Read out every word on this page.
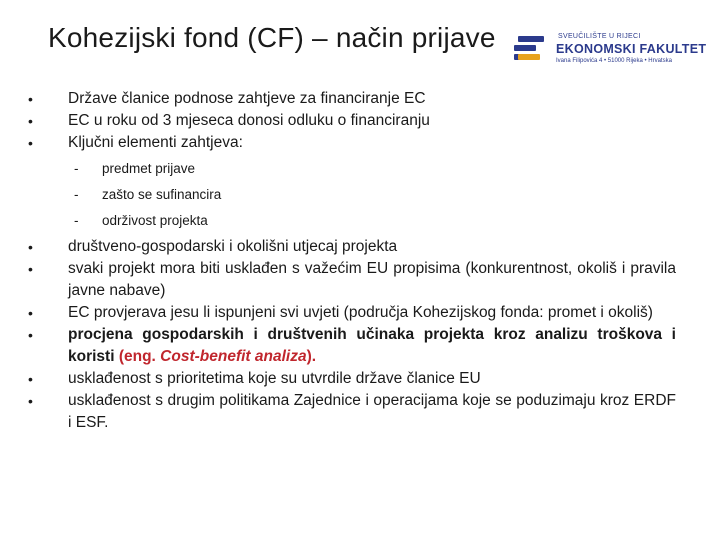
Kohezijski fond (CF) – način prijave	SVEUČILIŠTE U RIJECI
EKONOMSKI FAKULTET
Ivana Filipovića 4 • 51000 Rijeka • Hrvatska
•	Države članice podnose zahtjeve za financiranje EC
•	EC u roku od 3 mjeseca donosi odluku o financiranju
•	Ključni elementi zahtjeva:
- predmet prijave
- zašto se sufinancira
- održivost projekta
•	društveno-gospodarski i okolišni utjecaj projekta
•	svaki projekt mora biti usklađen s važećim EU propisima (konkurentnost, okoliš i pravila javne nabave)
•	EC provjerava jesu li ispunjeni svi uvjeti (područja Kohezijskog fonda: promet i okoliš)
•	procjena gospodarskih i društvenih učinaka projekta kroz analizu troškova i koristi (eng. Cost-benefit analiza).
•	usklađenost s prioritetima koje su utvrdile države članice EU
•	usklađenost s drugim politikama Zajednice i operacijama koje se poduzimaju kroz ERDF i ESF.
